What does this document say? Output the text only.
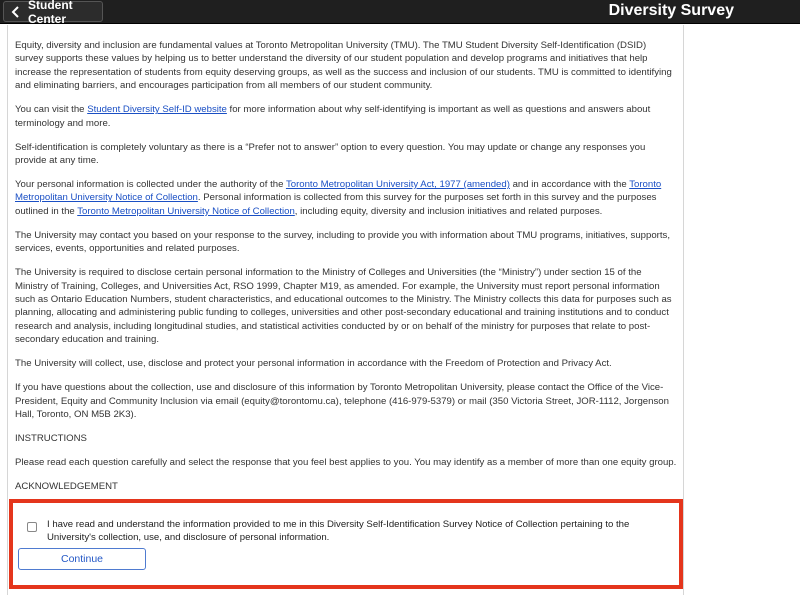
Student Center	Diversity Survey

Equity, diversity and inclusion are fundamental values at Toronto Metropolitan University (TMU). The TMU Student Diversity Self-Identification (DSID) survey supports these values by helping us to better understand the diversity of our student population and develop programs and initiatives that help increase the representation of students from equity deserving groups, as well as the success and inclusion of our students. TMU is committed to identifying and eliminating barriers, and encourages participation from all members of our student community.

You can visit the Student Diversity Self-ID website for more information about why self-identifying is important as well as questions and answers about terminology and more.

Self-identification is completely voluntary as there is a “Prefer not to answer” option to every question. You may update or change any responses you provide at any time.

Your personal information is collected under the authority of the Toronto Metropolitan University Act, 1977 (amended) and in accordance with the Toronto Metropolitan University Notice of Collection. Personal information is collected from this survey for the purposes set forth in this survey and the purposes outlined in the Toronto Metropolitan University Notice of Collection, including equity, diversity and inclusion initiatives and related purposes.

The University may contact you based on your response to the survey, including to provide you with information about TMU programs, initiatives, supports, services, events, opportunities and related purposes.

The University is required to disclose certain personal information to the Ministry of Colleges and Universities (the “Ministry”) under section 15 of the Ministry of Training, Colleges, and Universities Act, RSO 1999, Chapter M19, as amended. For example, the University must report personal information such as Ontario Education Numbers, student characteristics, and educational outcomes to the Ministry. The Ministry collects this data for purposes such as planning, allocating and administering public funding to colleges, universities and other post-secondary educational and training institutions and to conduct research and analysis, including longitudinal studies, and statistical activities conducted by or on behalf of the ministry for purposes that relate to post-secondary education and training.

The University will collect, use, disclose and protect your personal information in accordance with the Freedom of Protection and Privacy Act.

If you have questions about the collection, use and disclosure of this information by Toronto Metropolitan University, please contact the Office of the Vice-President, Equity and Community Inclusion via email (equity@torontomu.ca), telephone (416-979-5379) or mail (350 Victoria Street, JOR-1112, Jorgenson Hall, Toronto, ON M5B 2K3).

INSTRUCTIONS

Please read each question carefully and select the response that you feel best applies to you. You may identify as a member of more than one equity group.

ACKNOWLEDGEMENT

I have read and understand the information provided to me in this Diversity Self-Identification Survey Notice of Collection pertaining to the University's collection, use, and disclosure of personal information.
Continue
